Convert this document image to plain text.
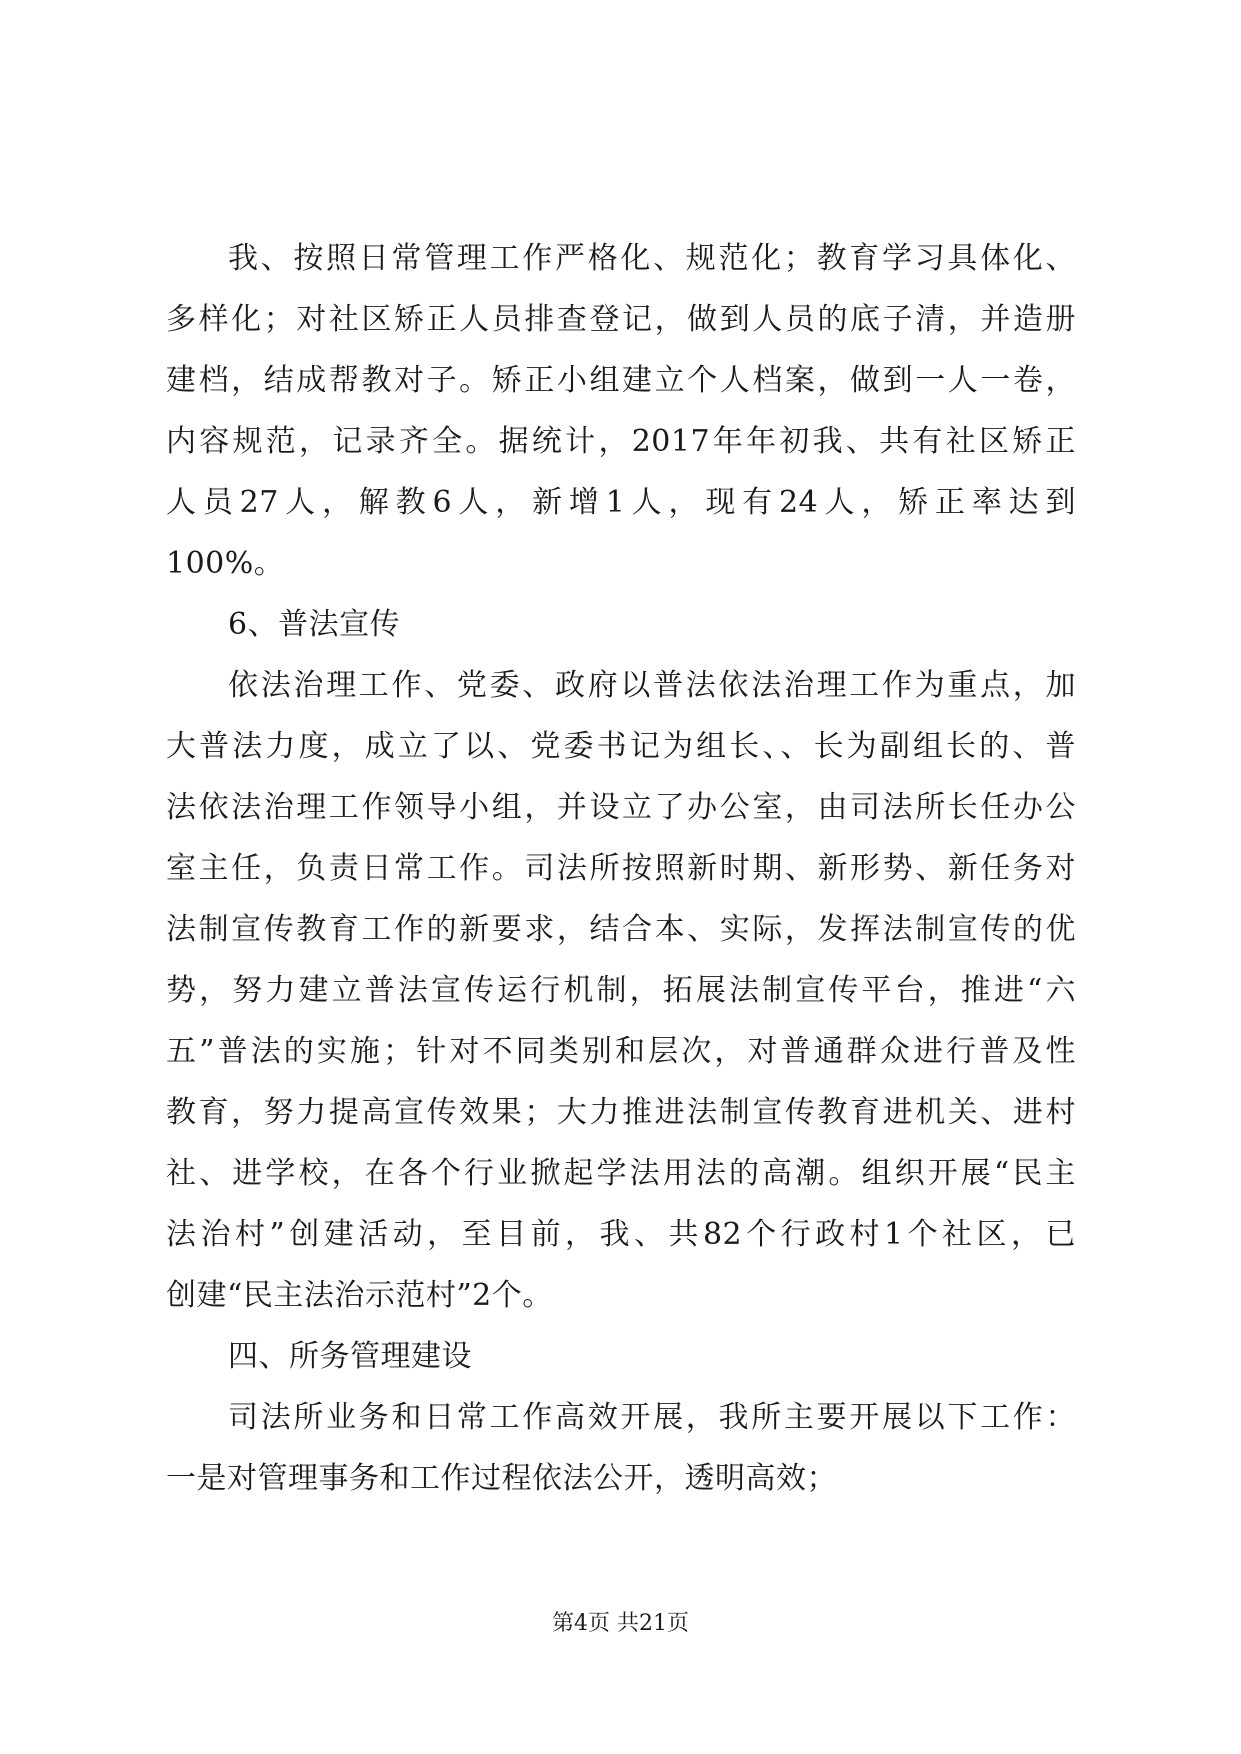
我、按照日常管理工作严格化、规范化；教育学习具体化、
多样化；对社区矫正人员排查登记，做到人员的底子清，并造册
建档，结成帮教对子。矫正小组建立个人档案，做到一人一卷，
内容规范，记录齐全。据统计，2017年年初我、共有社区矫正
人员27人，解教6人，新增1人，现有24人，矫正率达到
100%。
6、普法宣传
依法治理工作、党委、政府以普法依法治理工作为重点，加
大普法力度，成立了以、党委书记为组长、、长为副组长的、普
法依法治理工作领导小组，并设立了办公室，由司法所长任办公
室主任，负责日常工作。司法所按照新时期、新形势、新任务对
法制宣传教育工作的新要求，结合本、实际，发挥法制宣传的优
势，努力建立普法宣传运行机制，拓展法制宣传平台，推进“六
五”普法的实施；针对不同类别和层次，对普通群众进行普及性
教育，努力提高宣传效果；大力推进法制宣传教育进机关、进村
社、进学校，在各个行业掀起学法用法的高潮。组织开展“民主
法治村”创建活动，至目前，我、共82个行政村1个社区，已
创建“民主法治示范村”2个。
四、所务管理建设
司法所业务和日常工作高效开展，我所主要开展以下工作：
一是对管理事务和工作过程依法公开，透明高效；
第4页 共21页
